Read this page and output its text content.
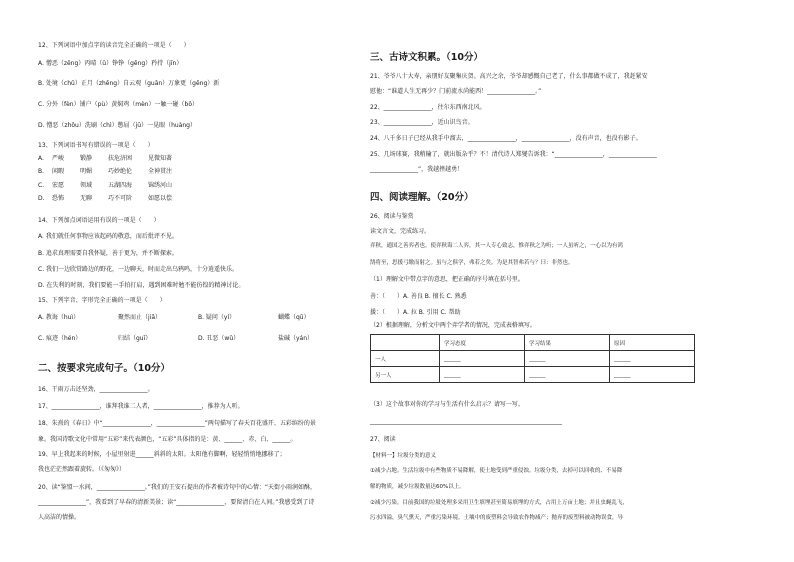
12、下列词语中加点字的读音完全正确的一项是（　　）
A. 憎恶（zēng）丙晴（ǔ）铮铮（gēng）矜持（jīn）
B. 处境（chǔ）正月（zhēng）自云观（guān）万象更（gēng）新
C. 分外（fèn）铺户（pù）黄焖鸡（mèn）一触一碰（bō）
D. 憎恶（zhōu）洗刷（chì）憋屈（jū）一晃眼（huàng）
13、下列词语书写有错误的一项是（　　）
A.	严峻	锻静	扶危济困	见微知著
B.	闲暇	明媚	巧妙绝伦	全神贯注
C.	宏愿	领域	五湖四海	锦绣河山
D.	恐怖	无聊	巧不可阶	如愿以偿
14、下列加点词语运用有误的一项是（　　）
A. 我们就任何事物应该起码的敬意，而后批评不见。
B. 追求真理需要自我怀疑，善于更为，并不断探索。
C. 我们一边欣赏路边的野花，一边聊天，时而走出乌鸦鸣，十分逍遥快乐。
D. 在失利的时刻，我们要能一手拍打肩，遇到困难时勉不能彷徨的精神讨论。
15、下列字音、字形完全正确的一项是（　　）
A. 教诲（huì）	聚然而止（jiā）	B. 疑问（yí）	蝴蝶（qū）
C. 痕迹（hén）	归结（guī）	D. 丑恶（wǔ）	盐碱（yán）
二、按要求完成句子。（10分）
16、干雨万击还坚劲，________________。
17、________________，谁拜我谁二人者，________________，推荐为人听。
18、朱熹的《春日》中“________________，________________”两句描写了春天百花盛开、五彩缤纷的景
象。我国诗歌文化中常用“五彩”来代表颜色，“五彩”具体指的是：黄、______、赤、白、______。
19、早上我起来的时候，小屋里射进______斜斜的太阳。太阳他有脚啊，轻轻悄悄地挪移了；
我也茫茫然跟着旋转。（《匆匆》）
20、读“鉴盟一水间，________________。”我们的王安石提出的作者被诗句中的心情：“天街小雨润如酥，
________________”，我看到了早春的清新美景；读“________________，要留清白在人间。”我感受到了诗
人高洁的情操。
三、古诗文积累。（10分）
21、爷爷八十大寿，亲朋好友聚集庆贺。高兴之余，爷爷却感慨自己老了，什么事都做不成了，我赶紧安
慰他：“谁道人生无再少？门前流水尚能西！________________。”
22、________________，往尔东西南北风。
23、________________，近山识鸟音。
24、八千多日子已经从我手中溜去，________________，________________，没有声音，也没有影子。
25、几场球赛，我稍输了，就出版杂乎？不！清代诗人郑燮告诉我：“________________，________________
________________”，我越挫越勇！
四、阅读理解。（20分）
26、阅读与鉴赏
读文言文，完成练习。
弈秋，通国之善弈者也。使弈秋诲二人弈，其一人专心致志，惟弈秋之为听；一人虽听之，一心以为有鸿
鹄将至，思援弓缴而射之。虽与之俱学，弗若之矣。为是其智弗若与？曰：非然也。
（1）理解文中带点字的意思，把正确的序号填在括号里。
善：（　　）A. 善良 B. 擅长 C. 熟悉
援：（　　）A. 拉 B. 引用 C. 帮助
（2）根据理解，分析文中两个弈学者的情况，完成表格填写。
	学习态度	学习结果	原因
一人	______	______	______
另一人	______	______	______
（3）这个故事对你的学习与生活有什么启示？请写一写。
________________________________________________________________
27、阅读
【材料一】垃圾分类的意义
①减少占地。生活垃圾中有些物质不易降解，使土地受到严重侵蚀。垃圾分类，去掉可以回收的、不易降
解的物质，减少垃圾数量达60%以上。
②减少污染。目前我国的垃圾处理多采用卫生填埋甚至简易填埋的方式，占用上万亩土地；并且虫蝇乱飞，
污水四溢，臭气熏天，严重污染环境。土壤中的废塑料会导致农作物减产；抛弃的废塑料被动物误食，导
